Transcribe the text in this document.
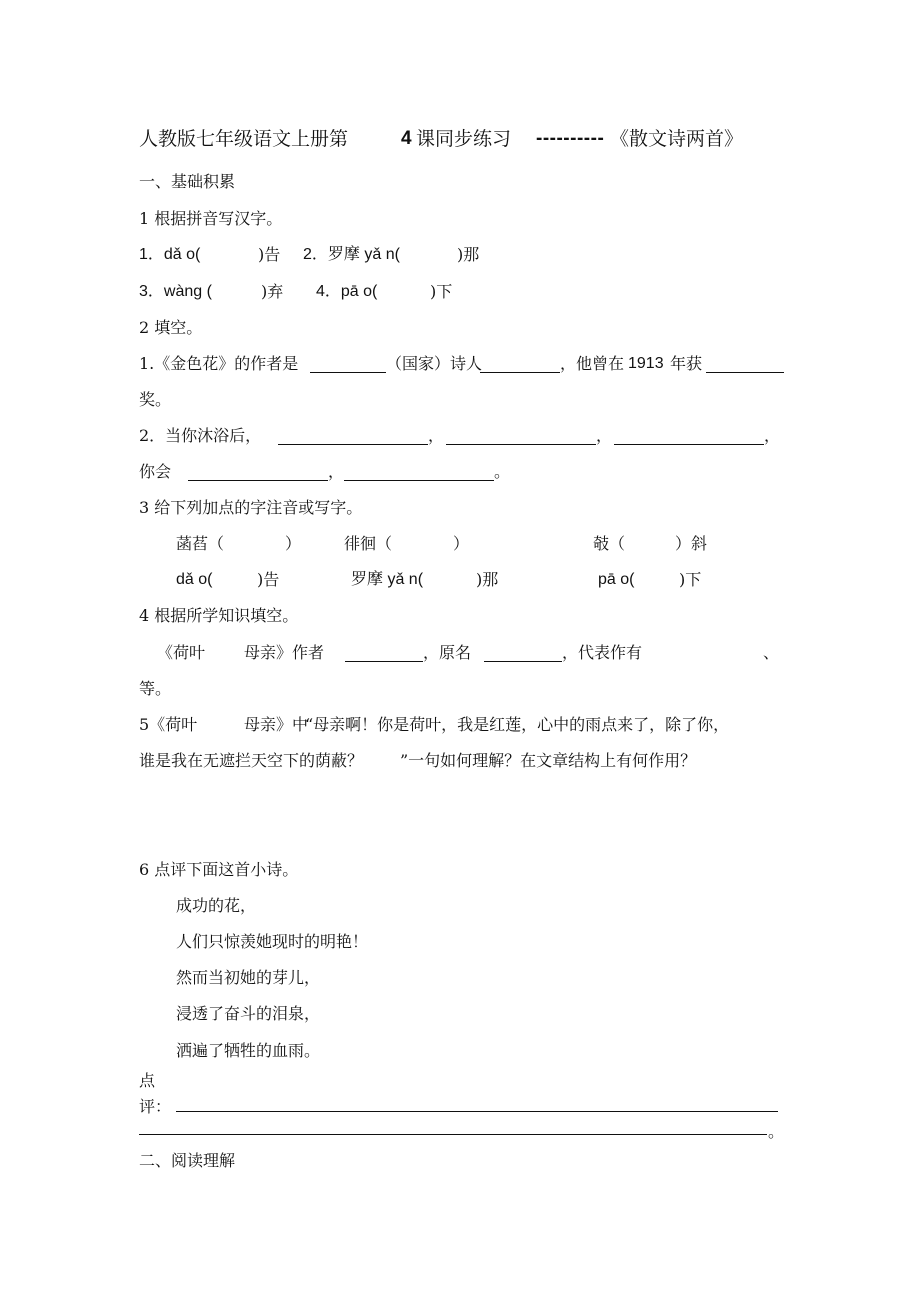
人教版七年级语文上册第	4 课同步练习 ---------- 《散文诗两首》
一、基础积累
1 根据拼音写汉字。
1．dǎ o(	)告 2．罗摩 yǎ n(	)那
3．wàng (	)弃 4．pā o(	)下
2 填空。
1.《金色花》的作者是	（国家）诗人	，他曾在 1913 年获
奖。
2．当你沐浴后，	，	，	，
你会	，	。
3 给下列加点的字注音或写字。
菡萏（	）	徘徊（	）	攲（	）斜
dǎ o(	)告	罗摩 yǎ n(	)那	pā o(	)下
4 根据所学知识填空。
《荷叶 母亲》作者	，原名	，代表作有	、
等。
5《荷叶	母亲》中
“母亲啊！你是荷叶，我是红莲，心中的雨点来了，除了你，
谁是我在无遮拦天空下的荫蔽？ ”一句如何理解？在文章结构上有何作用？
6 点评下面这首小诗。
成功的花，
人们只惊羡她现时的明艳！
然而当初她的芽儿，
浸透了奋斗的泪泉，
洒遍了牺牲的血雨。
点
评：
。
二、阅读理解
